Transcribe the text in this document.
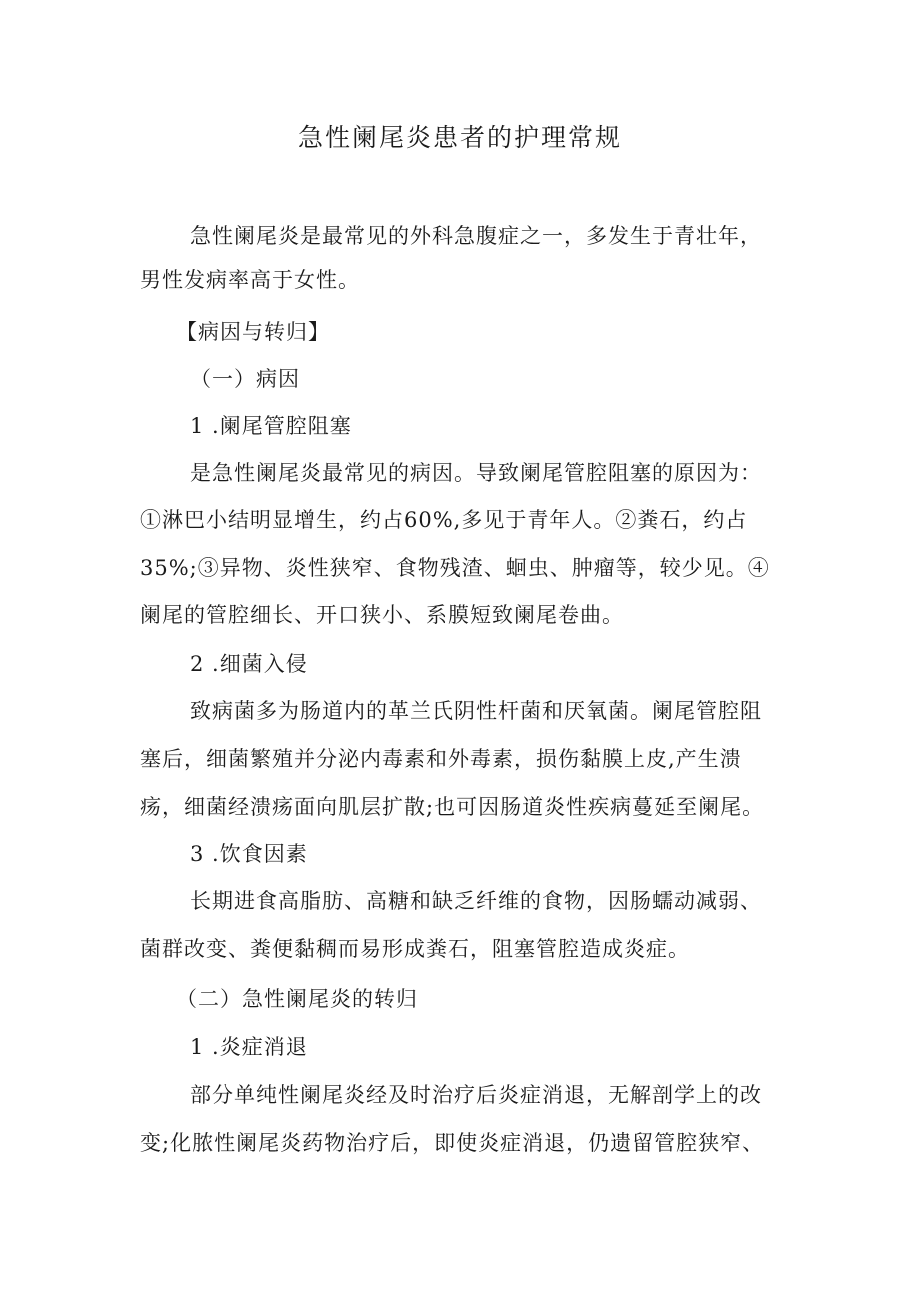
急性阑尾炎患者的护理常规
急性阑尾炎是最常见的外科急腹症之一，多发生于青壮年，
男性发病率高于女性。
【病因与转归】
（一）病因
1 .阑尾管腔阻塞
是急性阑尾炎最常见的病因。导致阑尾管腔阻塞的原因为：
①淋巴小结明显增生，约占60%,多见于青年人。②粪石，约占
35%;③异物、炎性狭窄、食物残渣、蛔虫、肿瘤等，较少见。④
阑尾的管腔细长、开口狭小、系膜短致阑尾卷曲。
2 .细菌入侵
致病菌多为肠道内的革兰氏阴性杆菌和厌氧菌。阑尾管腔阻
塞后，细菌繁殖并分泌内毒素和外毒素，损伤黏膜上皮,产生溃
疡，细菌经溃疡面向肌层扩散;也可因肠道炎性疾病蔓延至阑尾。
3 .饮食因素
长期进食高脂肪、高糖和缺乏纤维的食物，因肠蠕动减弱、
菌群改变、粪便黏稠而易形成粪石，阻塞管腔造成炎症。
（二）急性阑尾炎的转归
1 .炎症消退
部分单纯性阑尾炎经及时治疗后炎症消退，无解剖学上的改
变;化脓性阑尾炎药物治疗后，即使炎症消退，仍遗留管腔狭窄、
